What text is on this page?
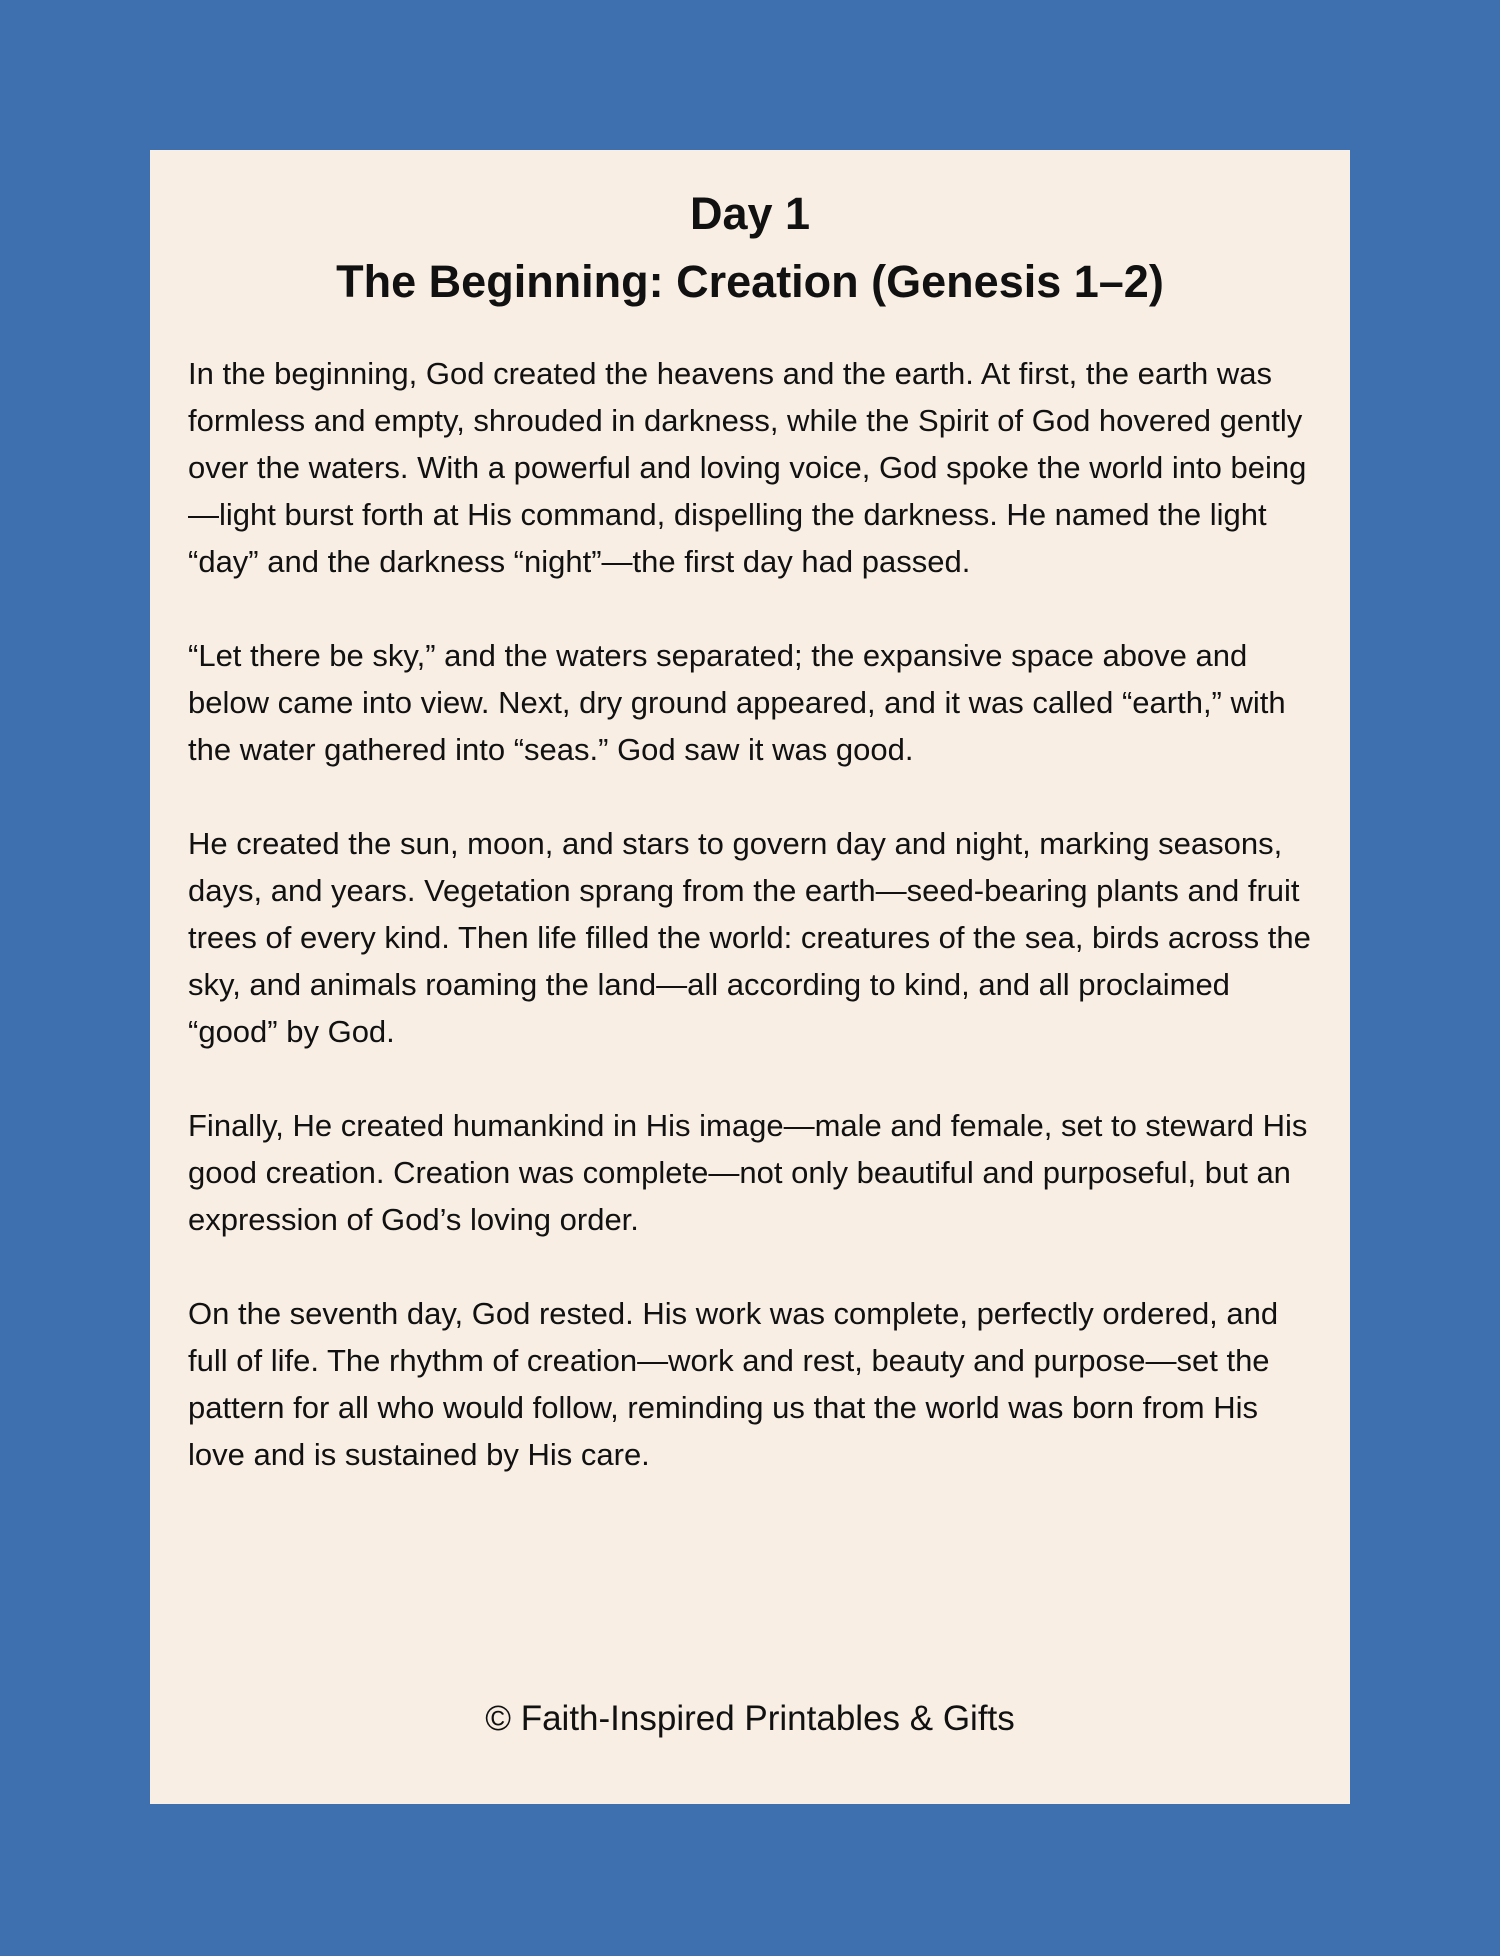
Day 1
The Beginning: Creation (Genesis 1–2)

In the beginning, God created the heavens and the earth. At first, the earth was formless and empty, shrouded in darkness, while the Spirit of God hovered gently over the waters. With a powerful and loving voice, God spoke the world into being—light burst forth at His command, dispelling the darkness. He named the light “day” and the darkness “night”—the first day had passed.

“Let there be sky,” and the waters separated; the expansive space above and below came into view. Next, dry ground appeared, and it was called “earth,” with the water gathered into “seas.” God saw it was good.

He created the sun, moon, and stars to govern day and night, marking seasons, days, and years. Vegetation sprang from the earth—seed-bearing plants and fruit trees of every kind. Then life filled the world: creatures of the sea, birds across the sky, and animals roaming the land—all according to kind, and all proclaimed “good” by God.

Finally, He created humankind in His image—male and female, set to steward His good creation. Creation was complete—not only beautiful and purposeful, but an expression of God’s loving order.

On the seventh day, God rested. His work was complete, perfectly ordered, and full of life. The rhythm of creation—work and rest, beauty and purpose—set the pattern for all who would follow, reminding us that the world was born from His love and is sustained by His care.

© Faith-Inspired Printables & Gifts
